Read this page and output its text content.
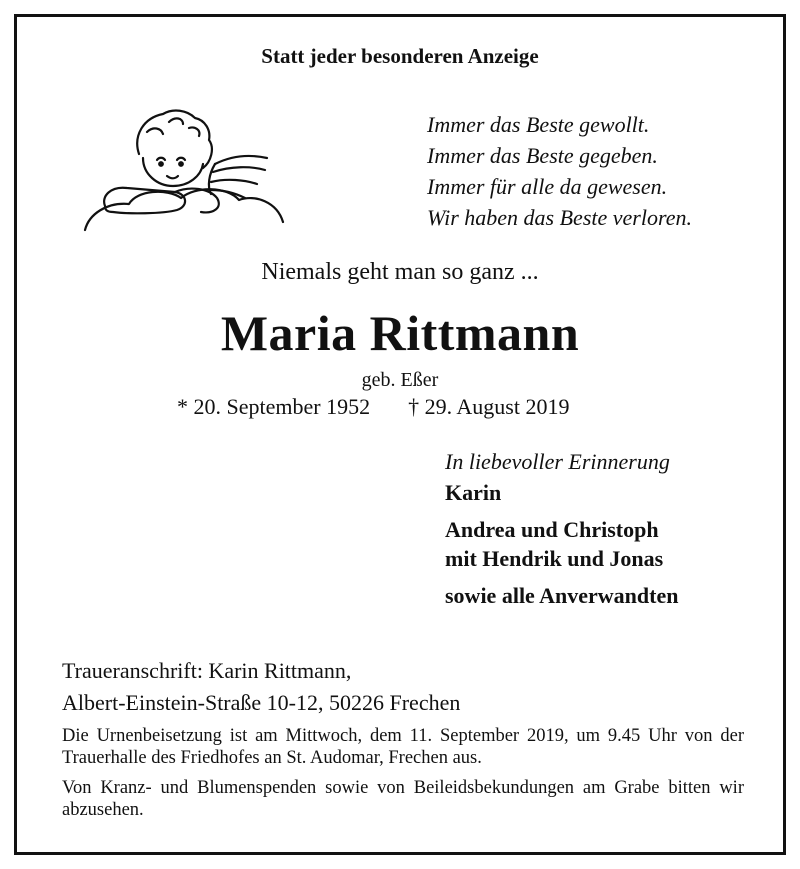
Statt jeder besonderen Anzeige
Immer das Beste gewollt.
Immer das Beste gegeben.
Immer für alle da gewesen.
Wir haben das Beste verloren.
Niemals geht man so ganz ...
Maria Rittmann
geb. Eßer
* 20. September 1952 † 29. August 2019
In liebevoller Erinnerung
Karin
Andrea und Christoph
mit Hendrik und Jonas
sowie alle Anverwandten
Traueranschrift: Karin Rittmann,
Albert-Einstein-Straße 10-12, 50226 Frechen

Die Urnenbeisetzung ist am Mittwoch, dem 11. September 2019, um 9.45 Uhr von der Trauerhalle des Friedhofes an St. Audomar, Frechen aus.

Von Kranz- und Blumenspenden sowie von Beileidsbekundungen am Grabe bitten wir abzusehen.
